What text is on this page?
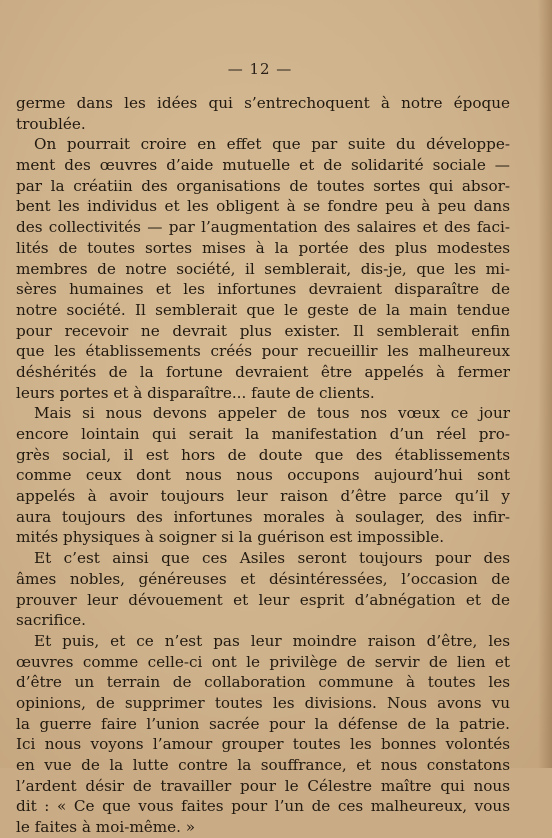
— 12 —
germe dans les idées qui s’entrechoquent à notre époque
troublée.
On pourrait croire en effet que par suite du développe-
ment des œuvres d’aide mutuelle et de solidarité sociale —
par la créatiin des organisations de toutes sortes qui absor-
bent les individus et les obligent à se fondre peu à peu dans
des collectivités — par l’augmentation des salaires et des faci-
lités de toutes sortes mises à la portée des plus modestes
membres de notre société, il semblerait, dis-je, que les mi-
sères humaines et les infortunes devraient disparaître de
notre société. Il semblerait que le geste de la main tendue
pour recevoir ne devrait plus exister. Il semblerait enfin
que les établissements créés pour recueillir les malheureux
déshérités de la fortune devraient être appelés à fermer
leurs portes et à disparaître... faute de clients.
Mais si nous devons appeler de tous nos vœux ce jour
encore lointain qui serait la manifestation d’un réel pro-
grès social, il est hors de doute que des établissements
comme ceux dont nous nous occupons aujourd’hui sont
appelés à avoir toujours leur raison d’être parce qu’il y
aura toujours des infortunes morales à soulager, des infir-
mités physiques à soigner si la guérison est impossible.
Et c’est ainsi que ces Asiles seront toujours pour des
âmes nobles, généreuses et désintéressées, l’occasion de
prouver leur dévouement et leur esprit d’abnégation et de
sacrifice.
Et puis, et ce n’est pas leur moindre raison d’être, les
œuvres comme celle-ci ont le privilège de servir de lien et
d’être un terrain de collaboration commune à toutes les
opinions, de supprimer toutes les divisions. Nous avons vu
la guerre faire l’union sacrée pour la défense de la patrie.
Ici nous voyons l’amour grouper toutes les bonnes volontés
en vue de la lutte contre la souffrance, et nous constatons
l’ardent désir de travailler pour le Célestre maître qui nous
dit : « Ce que vous faites pour l’un de ces malheureux, vous
le faites à moi-même. »
